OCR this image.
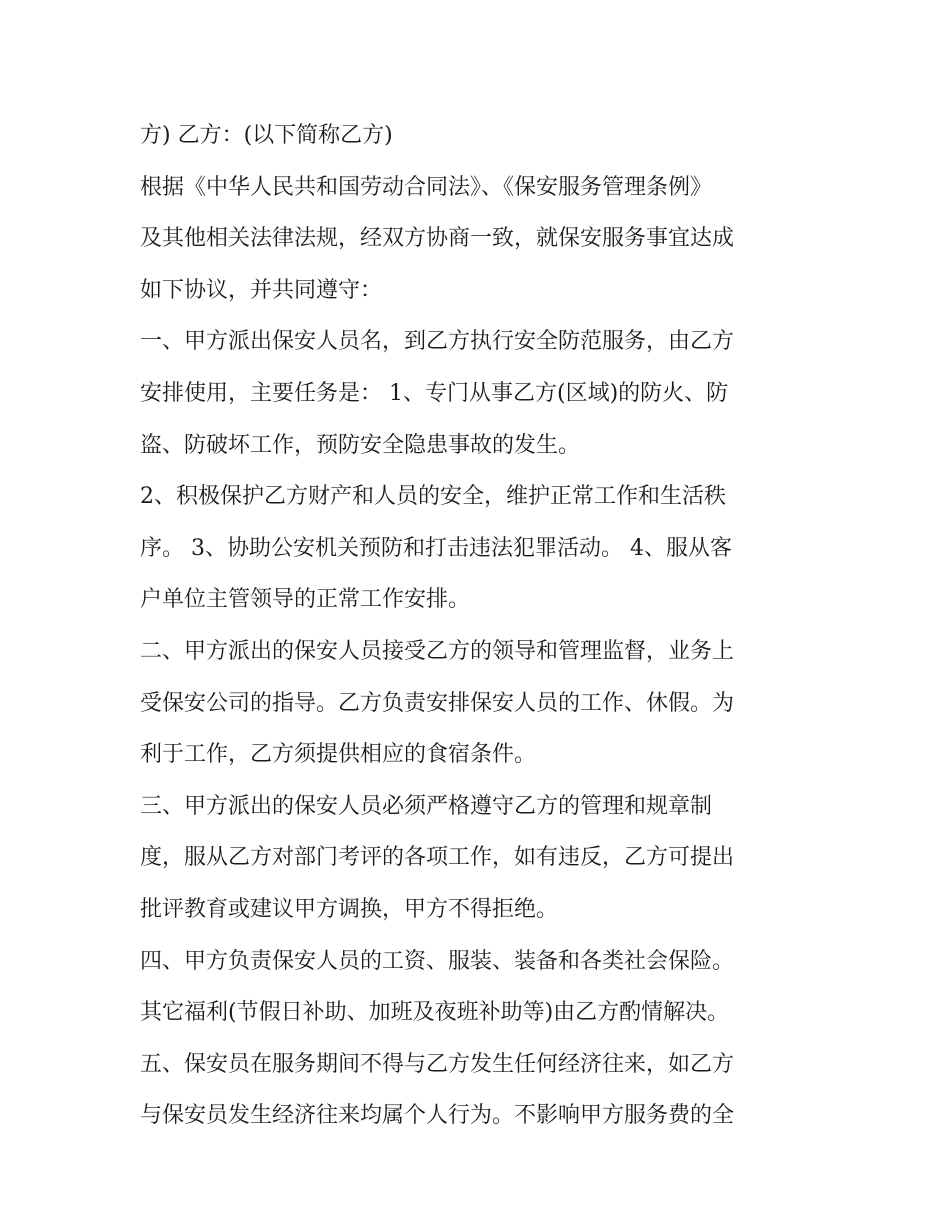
方) 乙方：(以下简称乙方)
根据《中华人民共和国劳动合同法》、《保安服务管理条例》
及其他相关法律法规，经双方协商一致，就保安服务事宜达成
如下协议，并共同遵守：
一、甲方派出保安人员名，到乙方执行安全防范服务，由乙方
安排使用，主要任务是： 1、专门从事乙方(区域)的防火、防
盗、防破坏工作，预防安全隐患事故的发生。
2、积极保护乙方财产和人员的安全，维护正常工作和生活秩
序。 3、协助公安机关预防和打击违法犯罪活动。 4、服从客
户单位主管领导的正常工作安排。
二、甲方派出的保安人员接受乙方的领导和管理监督，业务上
受保安公司的指导。乙方负责安排保安人员的工作、休假。为
利于工作，乙方须提供相应的食宿条件。
三、甲方派出的保安人员必须严格遵守乙方的管理和规章制
度，服从乙方对部门考评的各项工作，如有违反，乙方可提出
批评教育或建议甲方调换，甲方不得拒绝。
四、甲方负责保安人员的工资、服装、装备和各类社会保险。
其它福利(节假日补助、加班及夜班补助等)由乙方酌情解决。
五、保安员在服务期间不得与乙方发生任何经济往来，如乙方
与保安员发生经济往来均属个人行为。不影响甲方服务费的全
